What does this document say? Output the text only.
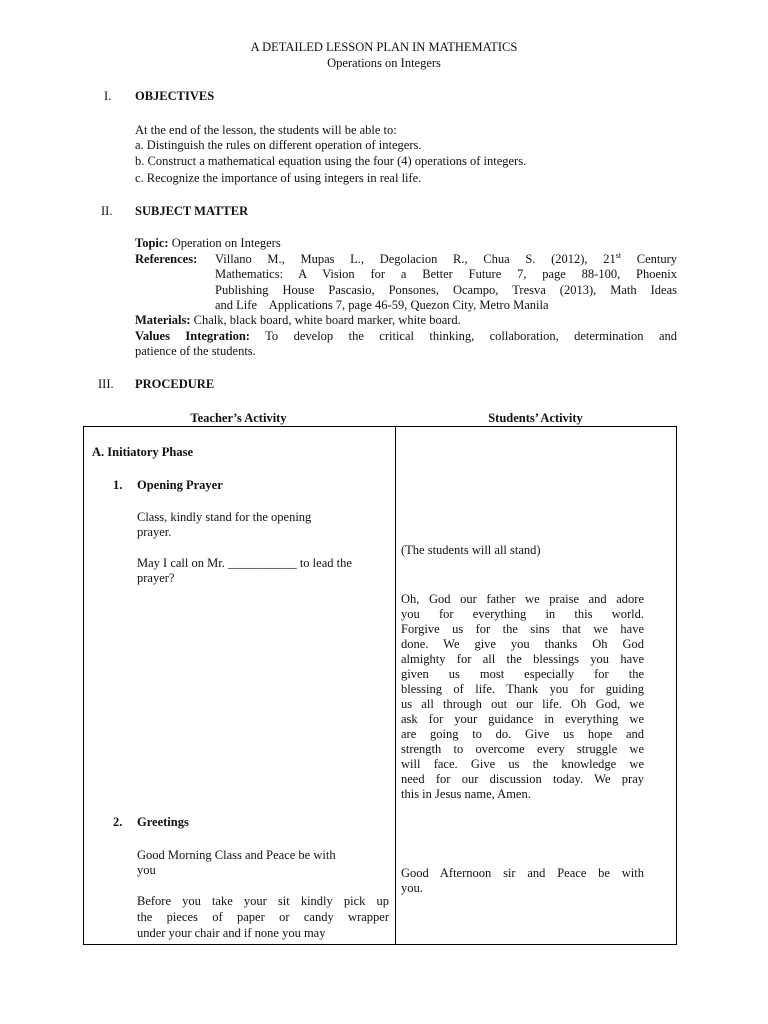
A DETAILED LESSON PLAN IN MATHEMATICS
Operations on Integers
I. OBJECTIVES
At the end of the lesson, the students will be able to:
a. Distinguish the rules on different operation of integers.
b. Construct a mathematical equation using the four (4) operations of integers.
c. Recognize the importance of using integers in real life.
II. SUBJECT MATTER
Topic: Operation on Integers
References: Villano M., Mupas L., Degolacion R., Chua S. (2012), 21st Century
Mathematics: A Vision for a Better Future 7, page 88-100, Phoenix
Publishing House Pascasio, Ponsones, Ocampo, Tresva (2013), Math Ideas
and Life    Applications 7, page 46-59, Quezon City, Metro Manila
Materials: Chalk, black board, white board marker, white board.
Values Integration: To develop the critical thinking, collaboration, determination and
patience of the students.
III. PROCEDURE
Teacher’s Activity	Students’ Activity
A. Initiatory Phase
1. Opening Prayer
Class, kindly stand for the opening
prayer.
May I call on Mr. ___________ to lead the
prayer?
2. Greetings
Good Morning Class and Peace be with
you
Before you take your sit kindly pick up
the pieces of paper or candy wrapper
under your chair and if none you may
(The students will all stand)
Oh, God our father we praise and adore
you for everything in this world.
Forgive us for the sins that we have
done. We give you thanks Oh God
almighty for all the blessings you have
given us most especially for the
blessing of life. Thank you for guiding
us all through out our life. Oh God, we
ask for your guidance in everything we
are going to do. Give us hope and
strength to overcome every struggle we
will face. Give us the knowledge we
need for our discussion today. We pray
this in Jesus name, Amen.
Good Afternoon sir and Peace be with
you.
